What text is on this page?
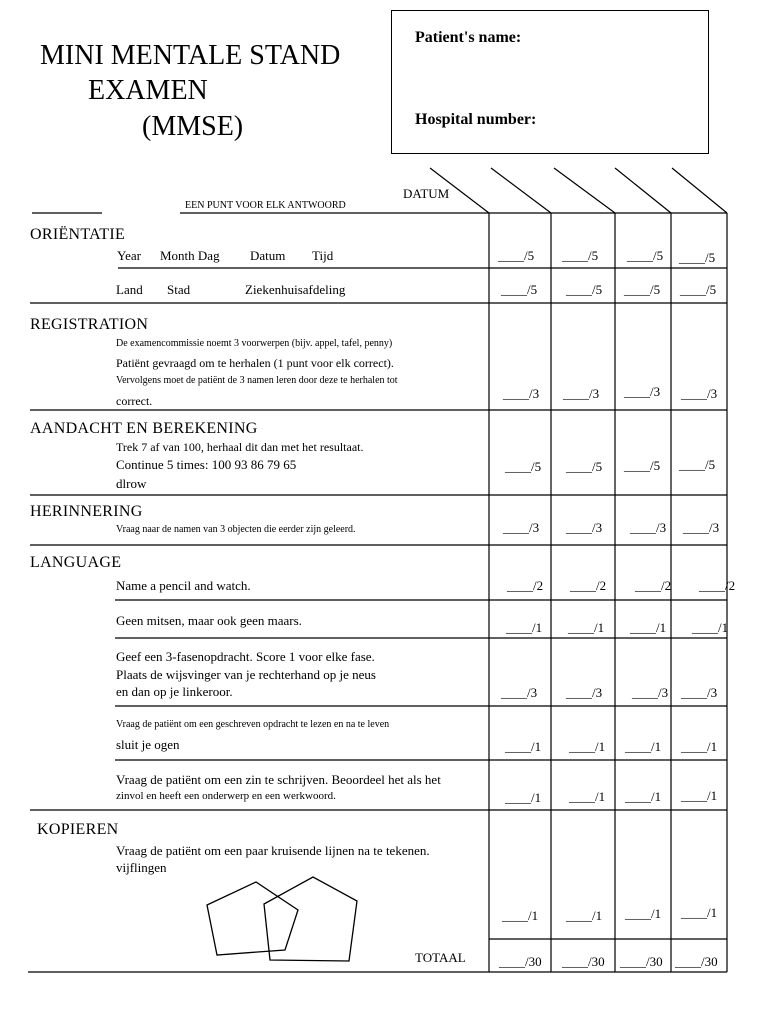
MINI MENTALE STAND
EXAMEN
(MMSE)
Patient's name:
Hospital number:
DATUM
EEN PUNT VOOR ELK ANTWOORD
ORIËNTATIE
Year Month Dag Datum Tijd	____/5 ____/5 ____/5 ____/5
Land Stad	Ziekenhuisafdeling	____/5 ____/5 ____/5 ____/5
REGISTRATION
De examencommissie noemt 3 voorwerpen (bijv. appel, tafel, penny)
Patiënt gevraagd om te herhalen (1 punt voor elk correct).
Vervolgens moet de patiënt de 3 namen leren door deze te herhalen tot
correct.	____/3 ____/3 ____/3 ____/3
AANDACHT EN BEREKENING
Trek 7 af van 100, herhaal dit dan met het resultaat.
Continue 5 times: 100 93 86 79 65
dlrow
____/5 ____/5 ____/5 ____/5
HERINNERING
Vraag naar de namen van 3 objecten die eerder zijn geleerd.	____/3 ____/3 ____/3 ____/3
LANGUAGE
Name a pencil and watch.	____/2 ____/2 ____/2 ____/2
Geen mitsen, maar ook geen maars.	____/1 ____/1 ____/1 ____/1
Geef een 3-fasenopdracht. Score 1 voor elke fase.
Plaats de wijsvinger van je rechterhand op je neus
en dan op je linkeroor.	____/3 ____/3 ____/3 ____/3
Vraag de patiënt om een geschreven opdracht te lezen en na te leven
sluit je ogen	____/1 ____/1 ____/1 ____/1
Vraag de patiënt om een zin te schrijven. Beoordeel het als het
zinvol en heeft een onderwerp en een werkwoord.	____/1 ____/1 ____/1 ____/1
KOPIEREN
Vraag de patiënt om een paar kruisende lijnen na te tekenen.
vijflingen
____/1 ____/1 ____/1 ____/1
TOTAAL	____/30 ____/30 ____/30 ____/30
